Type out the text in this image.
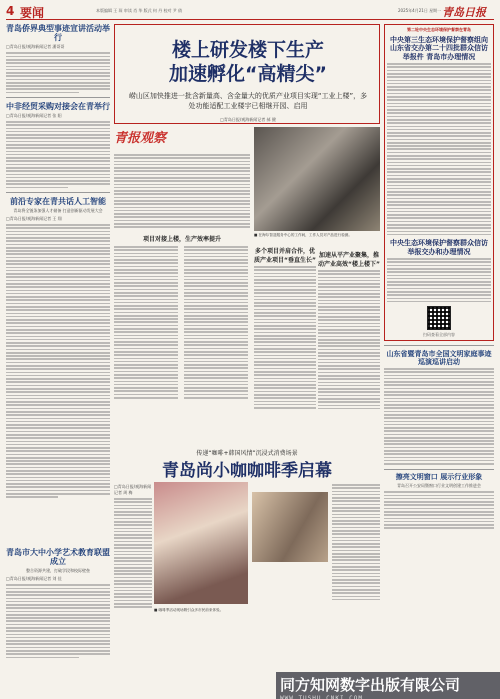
4 要闻	本版编辑 王 琛 审读 肖 华 版式 何 丹 校对 尹 倩	2025年4月21日 星期一 青岛日报
青岛侨界典型事迹宣讲活动举行
□青岛日报/观海新闻记者 潘哥哥
中非经贸采购对接会在青举行
□青岛日报/观海新闻记者 张 阳
前沿专家在青共话人工智能
青岛将全链条加强人才储备 打造创新驱动发展大会
□青岛日报/观海新闻记者 王 翔
青岛市大中小学艺术教育联盟成立
整合资源共建，打破学段和校际壁垒
□青岛日报/观海新闻记者 刘 佳
楼上研发楼下生产
加速孵化“高精尖”
崂山区加快推进一批含新量高、含金量大的优质产业项目实现“工业上楼”，多处功能适配工业楼宇已相继开园、启用
□青岛日报/观海新闻记者 郝 健
青报观察
■ 在海尔智造服务中心的工作间，工作人员对产品进行检测。
项目对接上楼，生产效率提升
多个项目并肩合作，优质产业项目“垂直生长”
加速从平产业聚集，推动产业高效“楼上楼下”
传递“咖啡+韩国风情”沉浸式消费场景
青岛尚小咖咖啡季启幕
□青岛日报/观海新闻记者 周 梅
■ 咖啡季活动现场吸引众多市民前来体验。
第二轮中央生态环境保护督察在青岛
中央第三生态环境保护督察组向山东省交办第二十四批群众信访举报件 青岛市办理情况
中央生态环境保护督察群众信访举报交办和办理情况
扫码查看全部内容
山东省暨青岛市全国文明家庭事迹巡演巡讲启动
擦亮文明窗口 展示行业形象
青岛召开公安局暨窗口行业文明创建工作推进会
同方知网数字出版有限公司
WWW.TUSHU.CNKI.COM
